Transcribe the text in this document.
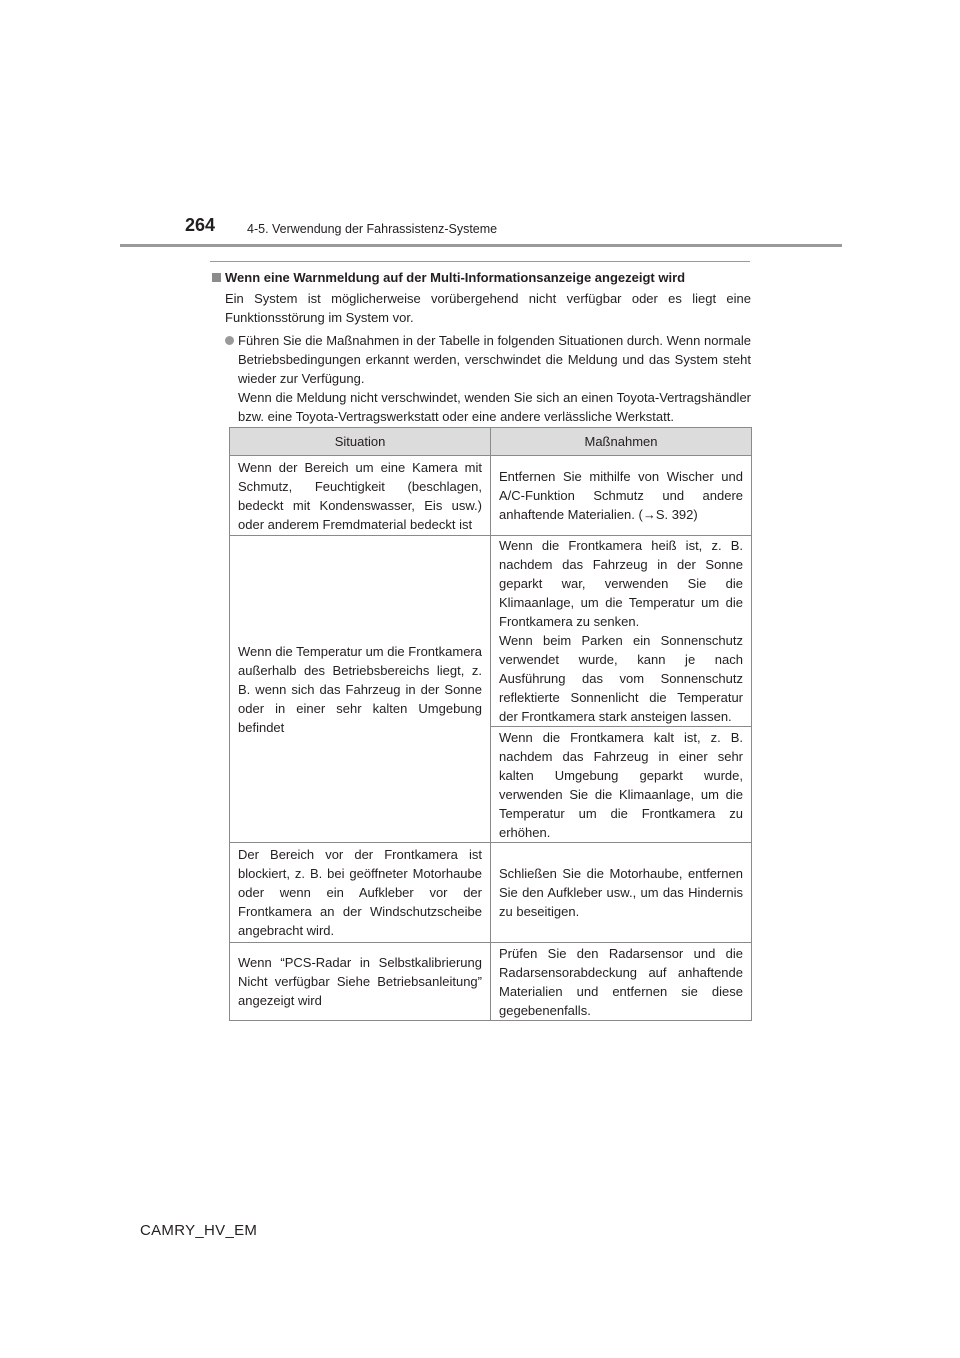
264	4-5. Verwendung der Fahrassistenz-Systeme
Wenn eine Warnmeldung auf der Multi-Informationsanzeige angezeigt wird

Ein System ist möglicherweise vorübergehend nicht verfügbar oder es liegt eine Funktionsstörung im System vor.

Führen Sie die Maßnahmen in der Tabelle in folgenden Situationen durch. Wenn normale Betriebsbedingungen erkannt werden, verschwindet die Meldung und das System steht wieder zur Verfügung.

Wenn die Meldung nicht verschwindet, wenden Sie sich an einen Toyota-Vertragshändler bzw. eine Toyota-Vertragswerkstatt oder eine andere verlässliche Werkstatt.

Situation	Maßnahmen
Wenn der Bereich um eine Kamera mit Schmutz, Feuchtigkeit (beschlagen, bedeckt mit Kondenswasser, Eis usw.) oder anderem Fremdmaterial bedeckt ist	Entfernen Sie mithilfe von Wischer und A/C-Funktion Schmutz und andere anhaftende Materialien. (→S. 392)
Wenn die Temperatur um die Frontkamera außerhalb des Betriebsbereichs liegt, z. B. wenn sich das Fahrzeug in der Sonne oder in einer sehr kalten Umgebung befindet	Wenn die Frontkamera heiß ist, z. B. nachdem das Fahrzeug in der Sonne geparkt war, verwenden Sie die Klimaanlage, um die Temperatur um die Frontkamera zu senken.
Wenn beim Parken ein Sonnenschutz verwendet wurde, kann je nach Ausführung das vom Sonnenschutz reflektierte Sonnenlicht die Temperatur der Frontkamera stark ansteigen lassen.
	Wenn die Frontkamera kalt ist, z. B. nachdem das Fahrzeug in einer sehr kalten Umgebung geparkt wurde, verwenden Sie die Klimaanlage, um die Temperatur um die Frontkamera zu erhöhen.
Der Bereich vor der Frontkamera ist blockiert, z. B. bei geöffneter Motorhaube oder wenn ein Aufkleber vor der Frontkamera an der Windschutzscheibe angebracht wird.	Schließen Sie die Motorhaube, entfernen Sie den Aufkleber usw., um das Hindernis zu beseitigen.
Wenn “PCS-Radar in Selbstkalibrierung Nicht verfügbar Siehe Betriebsanleitung” angezeigt wird	Prüfen Sie den Radarsensor und die Radarsensorabdeckung auf anhaftende Materialien und entfernen sie diese gegebenenfalls.
CAMRY_HV_EM
